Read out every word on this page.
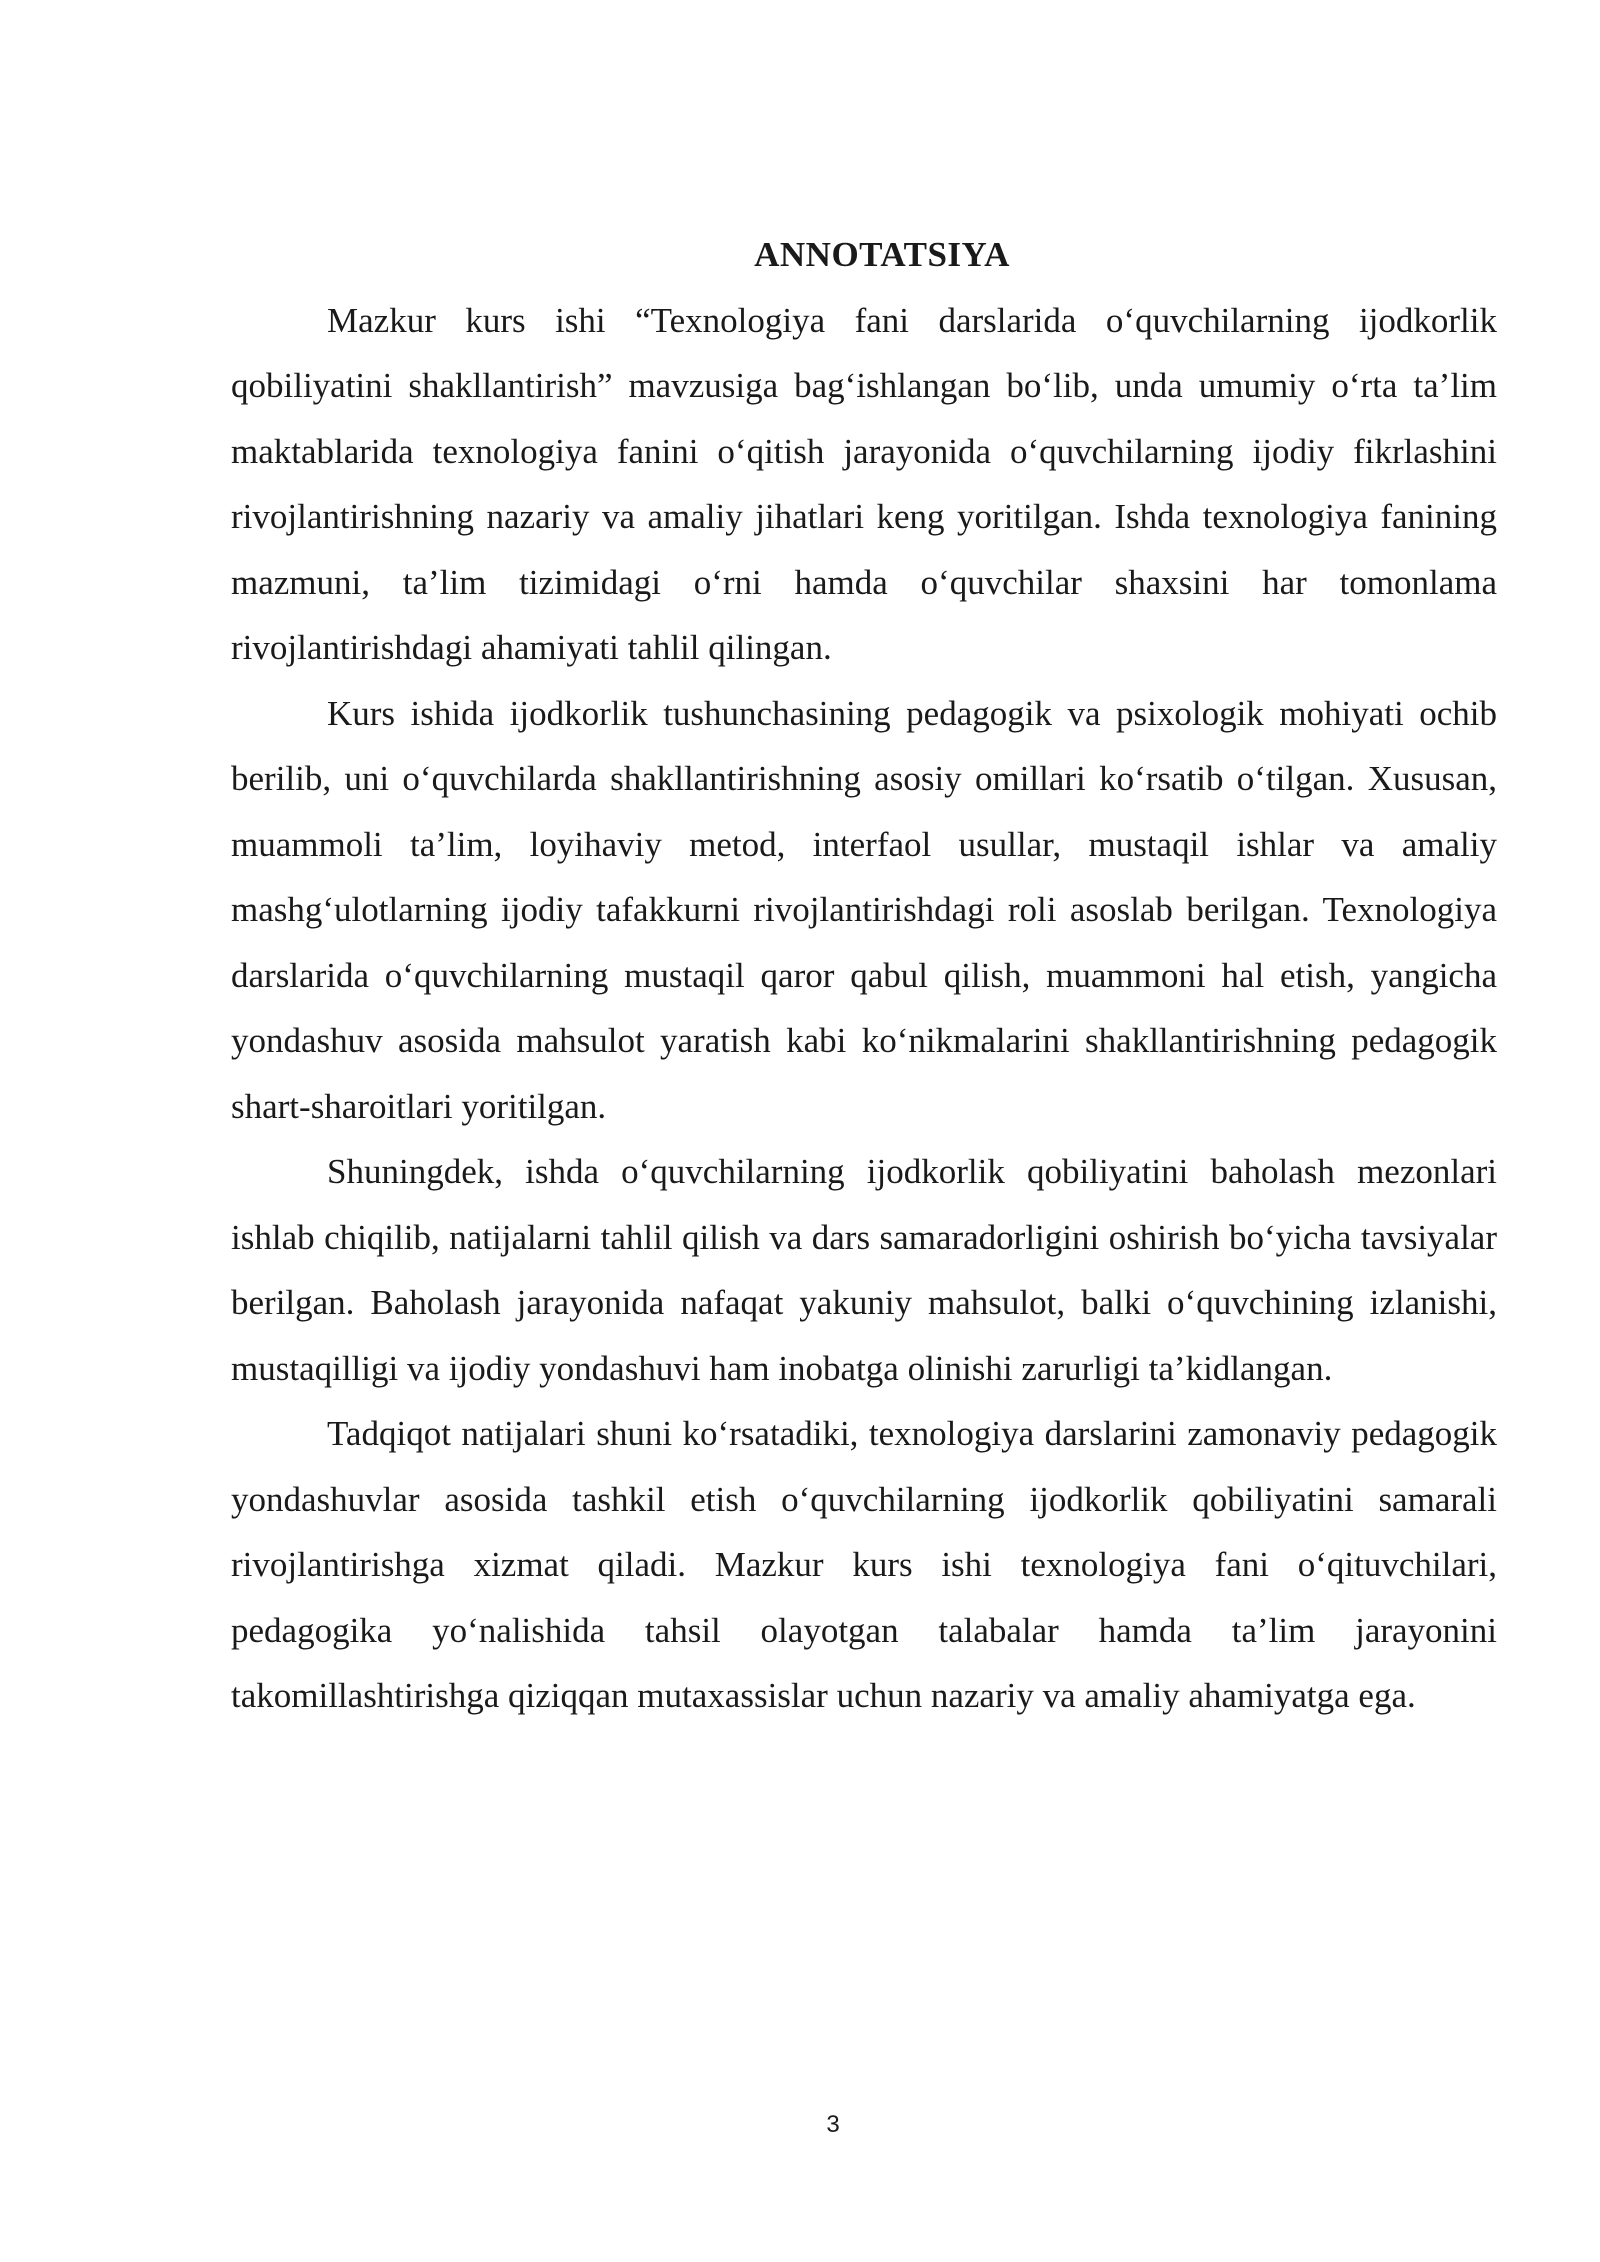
ANNOTATSIYA

Mazkur kurs ishi “Texnologiya fani darslarida o‘quvchilarning ijodkorlik qobiliyatini shakllantirish” mavzusiga bag‘ishlangan bo‘lib, unda umumiy o‘rta ta’lim maktablarida texnologiya fanini o‘qitish jarayonida o‘quvchilarning ijodiy fikrlashini rivojlantirishning nazariy va amaliy jihatlari keng yoritilgan. Ishda texnologiya fanining mazmuni, ta’lim tizimidagi o‘rni hamda o‘quvchilar shaxsini har tomonlama rivojlantirishdagi ahamiyati tahlil qilingan.

Kurs ishida ijodkorlik tushunchasining pedagogik va psixologik mohiyati ochib berilib, uni o‘quvchilarda shakllantirishning asosiy omillari ko‘rsatib o‘tilgan. Xususan, muammoli ta’lim, loyihaviy metod, interfaol usullar, mustaqil ishlar va amaliy mashg‘ulotlarning ijodiy tafakkurni rivojlantirishdagi roli asoslab berilgan. Texnologiya darslarida o‘quvchilarning mustaqil qaror qabul qilish, muammoni hal etish, yangicha yondashuv asosida mahsulot yaratish kabi ko‘nikmalarini shakllantirishning pedagogik shart-sharoitlari yoritilgan.

Shuningdek, ishda o‘quvchilarning ijodkorlik qobiliyatini baholash mezonlari ishlab chiqilib, natijalarni tahlil qilish va dars samaradorligini oshirish bo‘yicha tavsiyalar berilgan. Baholash jarayonida nafaqat yakuniy mahsulot, balki o‘quvchining izlanishi, mustaqilligi va ijodiy yondashuvi ham inobatga olinishi zarurligi ta’kidlangan.

Tadqiqot natijalari shuni ko‘rsatadiki, texnologiya darslarini zamonaviy pedagogik yondashuvlar asosida tashkil etish o‘quvchilarning ijodkorlik qobiliyatini samarali rivojlantirishga xizmat qiladi. Mazkur kurs ishi texnologiya fani o‘qituvchilari, pedagogika yo‘nalishida tahsil olayotgan talabalar hamda ta’lim jarayonini takomillashtirishga qiziqqan mutaxassislar uchun nazariy va amaliy ahamiyatga ega.

3
